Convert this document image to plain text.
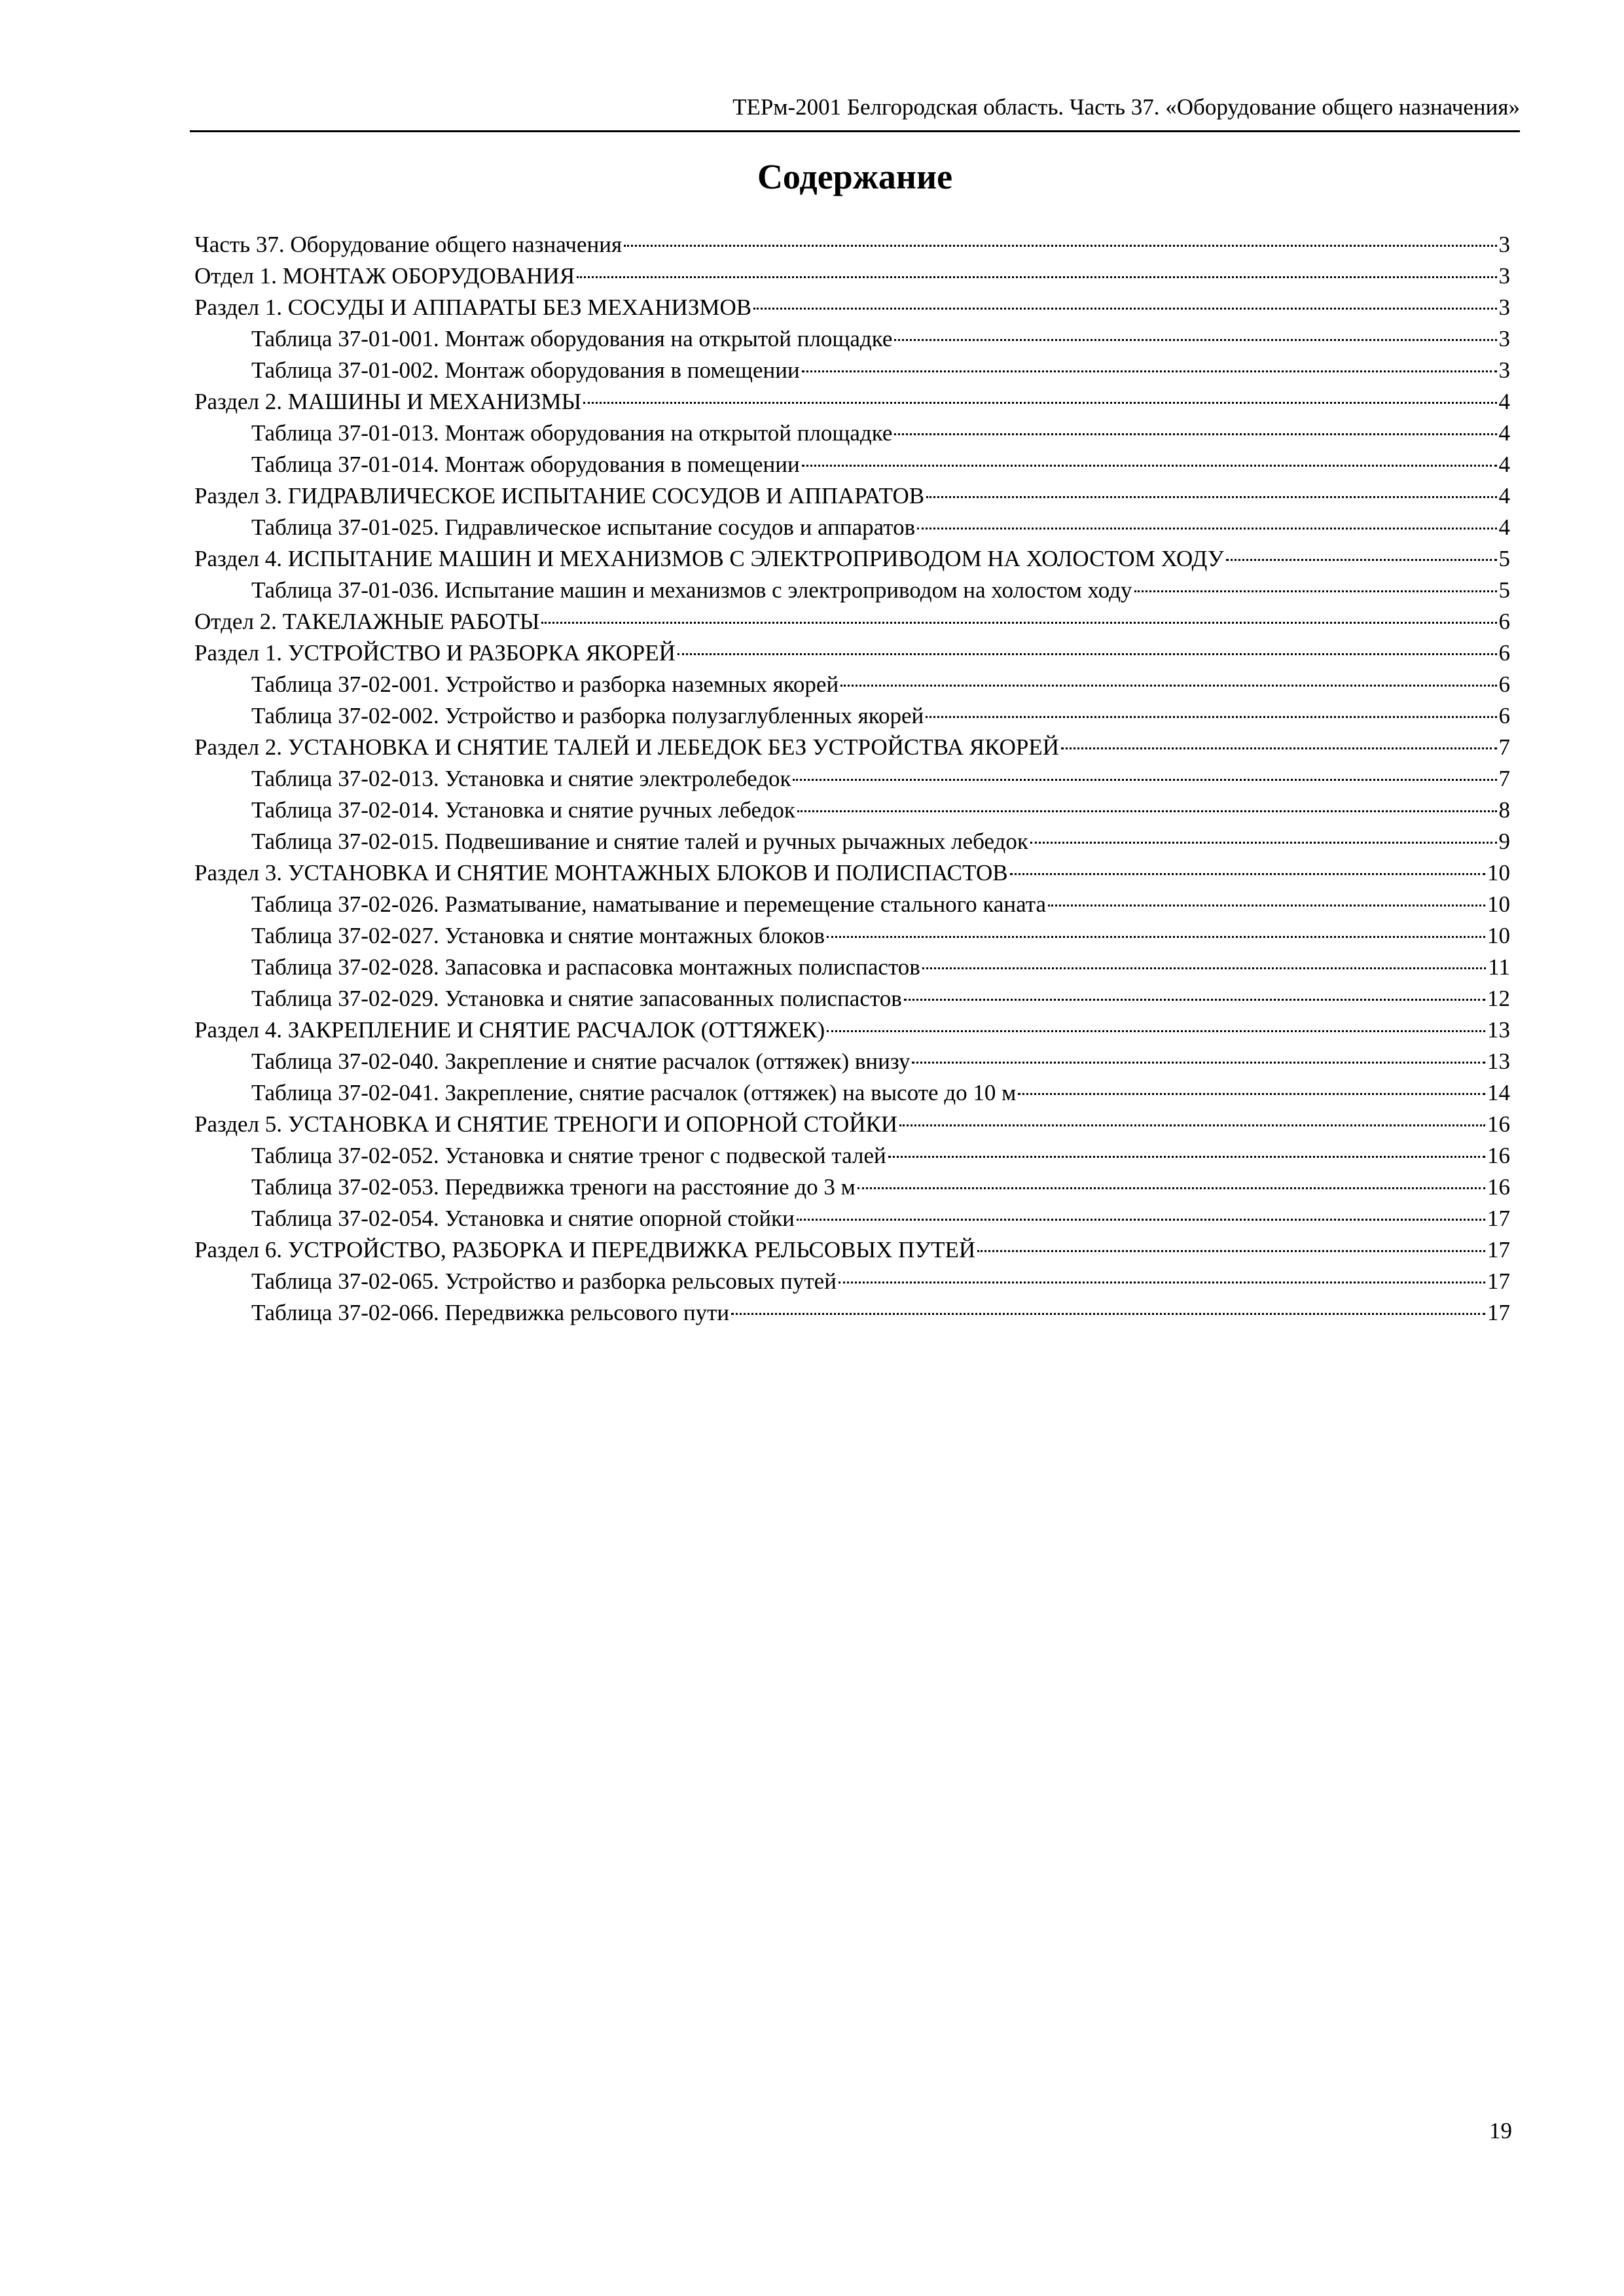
ТЕРм-2001 Белгородская область. Часть 37. «Оборудование общего назначения»
Содержание
Часть 37. Оборудование общего назначения	3
Отдел 1. МОНТАЖ ОБОРУДОВАНИЯ	3
Раздел 1. СОСУДЫ И АППАРАТЫ БЕЗ МЕХАНИЗМОВ	3
Таблица 37-01-001. Монтаж оборудования на открытой площадке	3
Таблица 37-01-002. Монтаж оборудования в помещении	3
Раздел 2. МАШИНЫ И МЕХАНИЗМЫ	4
Таблица 37-01-013. Монтаж оборудования на открытой площадке	4
Таблица 37-01-014. Монтаж оборудования в помещении	4
Раздел 3. ГИДРАВЛИЧЕСКОЕ ИСПЫТАНИЕ СОСУДОВ И АППАРАТОВ	4
Таблица 37-01-025. Гидравлическое испытание сосудов и аппаратов	4
Раздел 4. ИСПЫТАНИЕ МАШИН И МЕХАНИЗМОВ С ЭЛЕКТРОПРИВОДОМ НА ХОЛОСТОМ ХОДУ	5
Таблица 37-01-036. Испытание машин и механизмов с электроприводом на холостом ходу	5
Отдел 2. ТАКЕЛАЖНЫЕ РАБОТЫ	6
Раздел 1. УСТРОЙСТВО И РАЗБОРКА ЯКОРЕЙ	6
Таблица 37-02-001. Устройство и разборка наземных якорей	6
Таблица 37-02-002. Устройство и разборка полузаглубленных якорей	6
Раздел 2. УСТАНОВКА И СНЯТИЕ ТАЛЕЙ И ЛЕБЕДОК БЕЗ УСТРОЙСТВА ЯКОРЕЙ	7
Таблица 37-02-013. Установка и снятие электролебедок	7
Таблица 37-02-014. Установка и снятие ручных лебедок	8
Таблица 37-02-015. Подвешивание и снятие талей и ручных рычажных лебедок	9
Раздел 3. УСТАНОВКА И СНЯТИЕ МОНТАЖНЫХ БЛОКОВ И ПОЛИСПАСТОВ	10
Таблица 37-02-026. Разматывание, наматывание и перемещение стального каната	10
Таблица 37-02-027. Установка и снятие монтажных блоков	10
Таблица 37-02-028. Запасовка и распасовка монтажных полиспастов	11
Таблица 37-02-029. Установка и снятие запасованных полиспастов	12
Раздел 4. ЗАКРЕПЛЕНИЕ И СНЯТИЕ РАСЧАЛОК (ОТТЯЖЕК)	13
Таблица 37-02-040. Закрепление и снятие расчалок (оттяжек) внизу	13
Таблица 37-02-041. Закрепление, снятие расчалок (оттяжек) на высоте до 10 м	14
Раздел 5. УСТАНОВКА И СНЯТИЕ ТРЕНОГИ И ОПОРНОЙ СТОЙКИ	16
Таблица 37-02-052. Установка и снятие треног с подвеской талей	16
Таблица 37-02-053. Передвижка треноги на расстояние до 3 м	16
Таблица 37-02-054. Установка и снятие опорной стойки	17
Раздел 6. УСТРОЙСТВО, РАЗБОРКА И ПЕРЕДВИЖКА РЕЛЬСОВЫХ ПУТЕЙ	17
Таблица 37-02-065. Устройство и разборка рельсовых путей	17
Таблица 37-02-066. Передвижка рельсового пути	17
19
